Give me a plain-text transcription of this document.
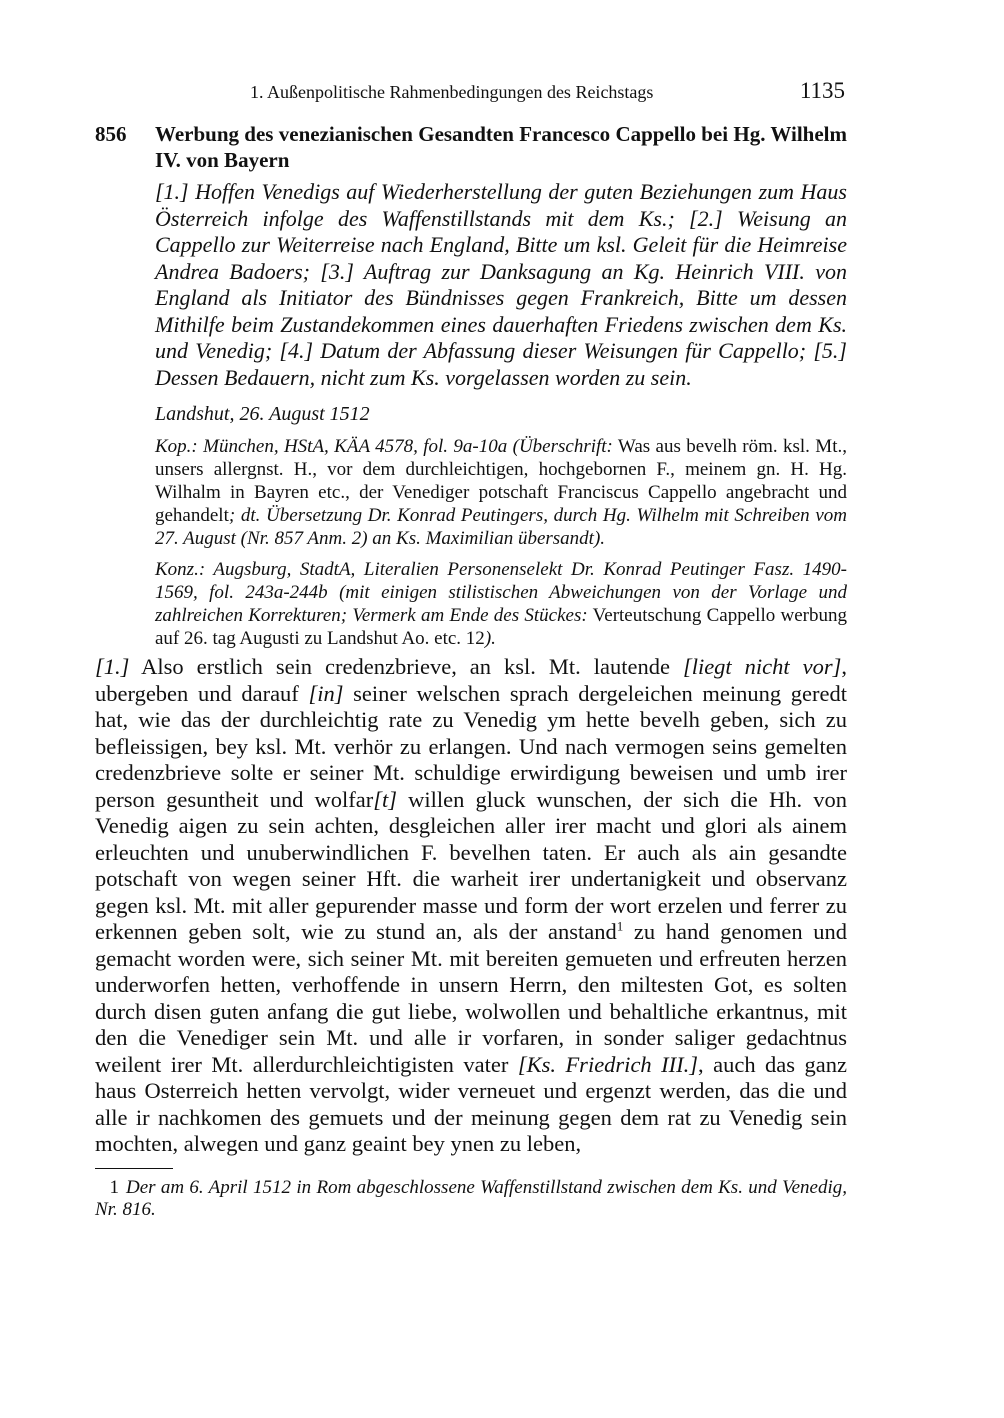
1. Außenpolitische Rahmenbedingungen des Reichstags	1135
856	Werbung des venezianischen Gesandten Francesco Cappello bei Hg. Wilhelm IV. von Bayern
[1.] Hoffen Venedigs auf Wiederherstellung der guten Beziehungen zum Haus Österreich infolge des Waffenstillstands mit dem Ks.; [2.] Weisung an Cappello zur Weiterreise nach England, Bitte um ksl. Geleit für die Heimreise Andrea Badoers; [3.] Auftrag zur Danksagung an Kg. Heinrich VIII. von England als Initiator des Bündnisses gegen Frankreich, Bitte um dessen Mithilfe beim Zustandekommen eines dauerhaften Friedens zwischen dem Ks. und Venedig; [4.] Datum der Abfassung dieser Weisungen für Cappello; [5.] Dessen Bedauern, nicht zum Ks. vorgelassen worden zu sein.
Landshut, 26. August 1512
Kop.: München, HStA, KÄA 4578, fol. 9a-10a (Überschrift: Was aus bevelh röm. ksl. Mt., unsers allergnst. H., vor dem durchleichtigen, hochgebornen F., meinem gn. H. Hg. Wilhalm in Bayren etc., der Venediger potschaft Franciscus Cappello angebracht und gehandelt; dt. Übersetzung Dr. Konrad Peutingers, durch Hg. Wilhelm mit Schreiben vom 27. August (Nr. 857 Anm. 2) an Ks. Maximilian übersandt).
Konz.: Augsburg, StadtA, Literalien Personenselekt Dr. Konrad Peutinger Fasz. 1490-1569, fol. 243a-244b (mit einigen stilistischen Abweichungen von der Vorlage und zahlreichen Korrekturen; Vermerk am Ende des Stückes: Verteutschung Cappello werbung auf 26. tag Augusti zu Landshut Ao. etc. 12).
[1.] Also erstlich sein credenzbrieve, an ksl. Mt. lautende [liegt nicht vor], ubergeben und darauf [in] seiner welschen sprach dergeleichen meinung geredt hat, wie das der durchleichtig rate zu Venedig ym hette bevelh geben, sich zu befleissigen, bey ksl. Mt. verhör zu erlangen. Und nach vermogen seins gemelten credenzbrieve solte er seiner Mt. schuldige erwirdigung beweisen und umb irer person gesuntheit und wolfar[t] willen gluck wunschen, der sich die Hh. von Venedig aigen zu sein achten, desgleichen aller irer macht und glori als ainem erleuchten und unuberwindlichen F. bevelhen taten. Er auch als ain gesandte potschaft von wegen seiner Hft. die warheit irer undertanigkeit und observanz gegen ksl. Mt. mit aller gepurender masse und form der wort erzelen und ferrer zu erkennen geben solt, wie zu stund an, als der anstand$^1$ zu hand genomen und gemacht worden were, sich seiner Mt. mit bereiten gemueten und erfreuten herzen underworfen hetten, verhoffende in unsern Herrn, den miltesten Got, es solten durch disen guten anfang die gut liebe, wolwollen und behaltliche erkantnus, mit den die Venediger sein Mt. und alle ir vorfaren, in sonder saliger gedachtnus weilent irer Mt. allerdurchleichtigisten vater [Ks. Friedrich III.], auch das ganz haus Osterreich hetten vervolgt, wider verneuet und ergenzt werden, das die und alle ir nachkomen des gemuets und der meinung gegen dem rat zu Venedig sein mochten, alwegen und ganz geaint bey ynen zu leben,
1 Der am 6. April 1512 in Rom abgeschlossene Waffenstillstand zwischen dem Ks. und Venedig, Nr. 816.
